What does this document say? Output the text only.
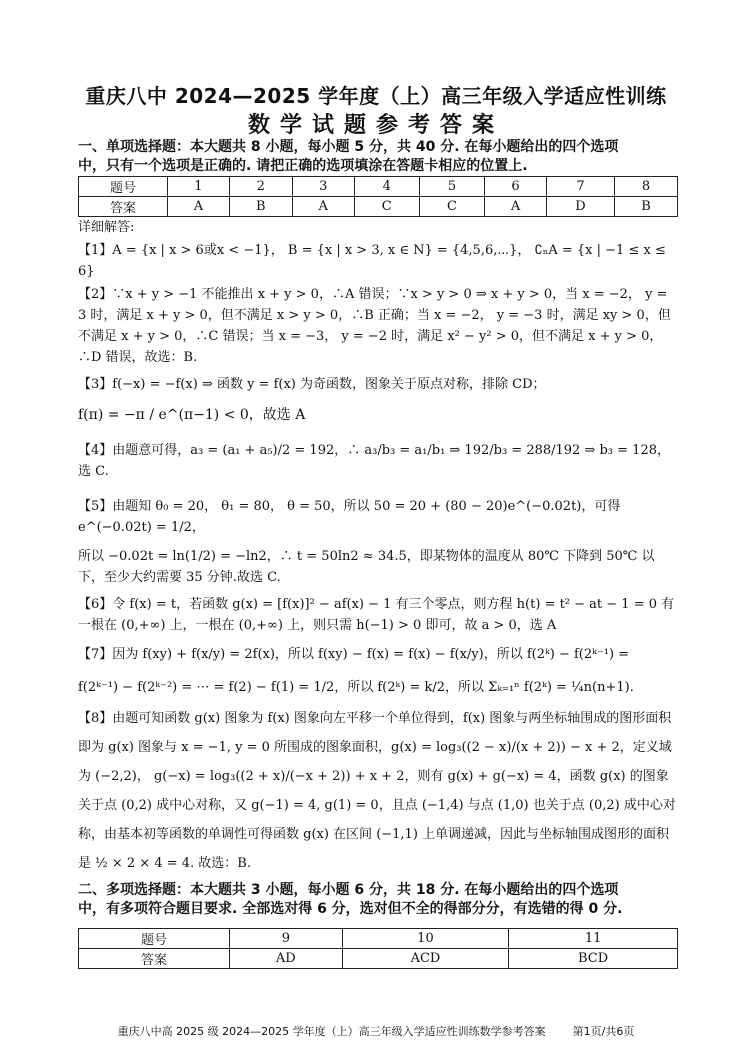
重庆八中 2024—2025 学年度（上）高三年级入学适应性训练
数学试题参考答案
一、单项选择题：本大题共 8 小题，每小题 5 分，共 40 分. 在每小题给出的四个选项
中，只有一个选项是正确的. 请把正确的选项填涂在答题卡相应的位置上.
题号	1	2	3	4	5	6	7	8
答案	A	B	A	C	C	A	D	B

详细解答:

【1】A = {x | x > 6或x < −1}， B = {x | x > 3, x ∈ N} = {4,5,6,⋯}， ∁ₙA = {x | −1 ≤ x ≤ 6}

【2】∵x + y > −1 不能推出 x + y > 0，∴A 错误；∵x > y > 0 ⇒ x + y > 0，当 x = −2， y = 3 时，满足 x + y > 0，但不满足 x > y > 0，∴B 正确；当 x = −2， y = −3 时，满足 xy > 0，但不满足 x + y > 0，∴C 错误；当 x = −3， y = −2 时，满足 x² − y² > 0，但不满足 x + y > 0，∴D 错误，故选：B.

【3】f(−x) = −f(x) ⇒ 函数 y = f(x) 为奇函数，图象关于原点对称，排除 CD；

f(π) = −π / e^(π−1) < 0，故选 A

【4】由题意可得，a₃ = (a₁ + a₅)/2 = 192，∴ a₃/b₃ = a₁/b₁ ⇒ 192/b₃ = 288/192 ⇒ b₃ = 128，选 C.

【5】由题知 θ₀ = 20， θ₁ = 80， θ = 50，所以 50 = 20 + (80 − 20)e^(−0.02t)，可得 e^(−0.02t) = 1/2，

所以 −0.02t = ln(1/2) = −ln2，∴ t = 50ln2 ≈ 34.5，即某物体的温度从 80℃ 下降到 50℃ 以下，至少大约需要 35 分钟.故选 C.

【6】令 f(x) = t，若函数 g(x) = [f(x)]² − af(x) − 1 有三个零点，则方程 h(t) = t² − at − 1 = 0 有一根在 (0,+∞) 上，一根在 (0,+∞) 上，则只需 h(−1) > 0 即可，故 a > 0，选 A

【7】因为 f(xy) + f(x/y) = 2f(x)，所以 f(xy) − f(x) = f(x) − f(x/y)，所以 f(2ᵏ) − f(2ᵏ⁻¹) =

f(2ᵏ⁻¹) − f(2ᵏ⁻²) = ⋯ = f(2) − f(1) = 1/2，所以 f(2ᵏ) = k/2，所以 Σₖ₌₁ⁿ f(2ᵏ) = ¼n(n+1).

【8】由题可知函数 g(x) 图象为 f(x) 图象向左平移一个单位得到，f(x) 图象与两坐标轴围成的图形面积即为 g(x) 图象与 x = −1, y = 0 所围成的图象面积，g(x) = log₃((2 − x)/(x + 2)) − x + 2，定义域为 (−2,2)， g(−x) = log₃((2 + x)/(−x + 2)) + x + 2，则有 g(x) + g(−x) = 4，函数 g(x) 的图象关于点 (0,2) 成中心对称，又 g(−1) = 4, g(1) = 0，且点 (−1,4) 与点 (1,0) 也关于点 (0,2) 成中心对称，由基本初等函数的单调性可得函数 g(x) 在区间 (−1,1) 上单调递减，因此与坐标轴围成图形的面积是 ½ × 2 × 4 = 4. 故选：B.

二、多项选择题：本大题共 3 小题，每小题 6 分，共 18 分. 在每小题给出的四个选项
中，有多项符合题目要求. 全部选对得 6 分，选对但不全的得部分分，有选错的得 0 分.
题号	9	10	11
答案	AD	ACD	BCD
重庆八中高 2025 级 2024—2025 学年度（上）高三年级入学适应性训练数学参考答案 第1页/共6页
